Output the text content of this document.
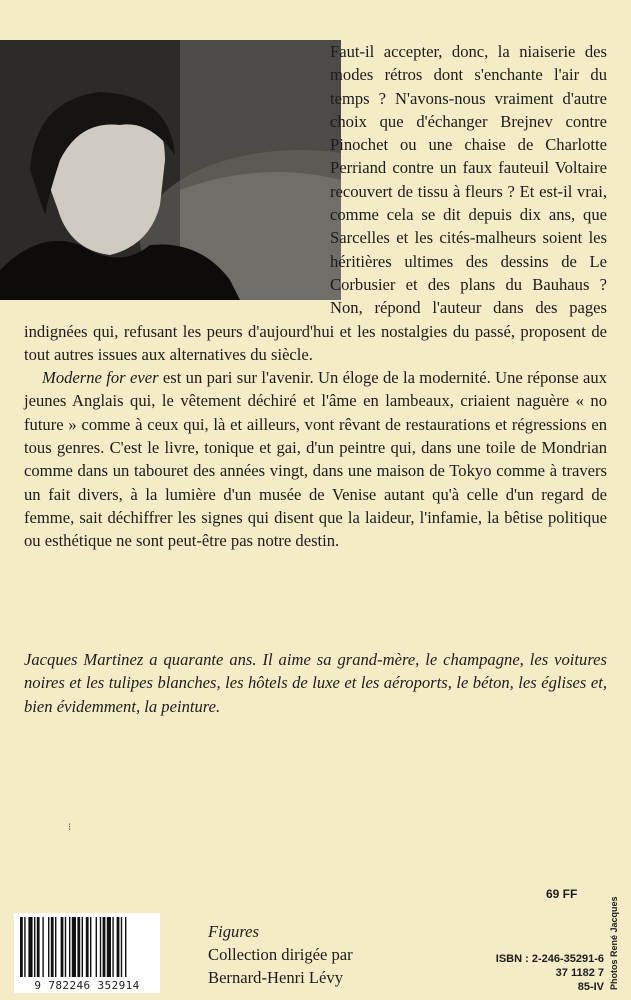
Faut-il accepter, donc, la niaiserie des modes rétros dont s'enchante l'air du temps ? N'avons-nous vraiment d'autre choix que d'échanger Brejnev contre Pinochet ou une chaise de Charlotte Perriand contre un faux fauteuil Voltaire recouvert de tissu à fleurs ? Et est-il vrai, comme cela se dit depuis dix ans, que Sarcelles et les cités-malheurs soient les héritières ultimes des dessins de Le Corbusier et des plans du Bauhaus ? Non, répond l'auteur dans des pages indignées qui, refusant les peurs d'aujourd'hui et les nostalgies du passé, proposent de tout autres issues aux alternatives du siècle.

Moderne for ever est un pari sur l'avenir. Un éloge de la modernité. Une réponse aux jeunes Anglais qui, le vêtement déchiré et l'âme en lambeaux, criaient naguère « no future » comme à ceux qui, là et ailleurs, vont rêvant de restaurations et régressions en tous genres. C'est le livre, tonique et gai, d'un peintre qui, dans une toile de Mondrian comme dans un tabouret des années vingt, dans une maison de Tokyo comme à travers un fait divers, à la lumière d'un musée de Venise autant qu'à celle d'un regard de femme, sait déchiffrer les signes qui disent que la laideur, l'infamie, la bêtise politique ou esthétique ne sont peut-être pas notre destin.

Jacques Martinez a quarante ans. Il aime sa grand-mère, le champagne, les voitures noires et les tulipes blanches, les hôtels de luxe et les aéroports, le béton, les églises et, bien évidemment, la peinture.

⁝
9 782246 352914
Figures
Collection dirigée par
Bernard-Henri Lévy
69 FF
ISBN : 2-246-35291-6
37 1182 7
85-IV Photos René Jacques
